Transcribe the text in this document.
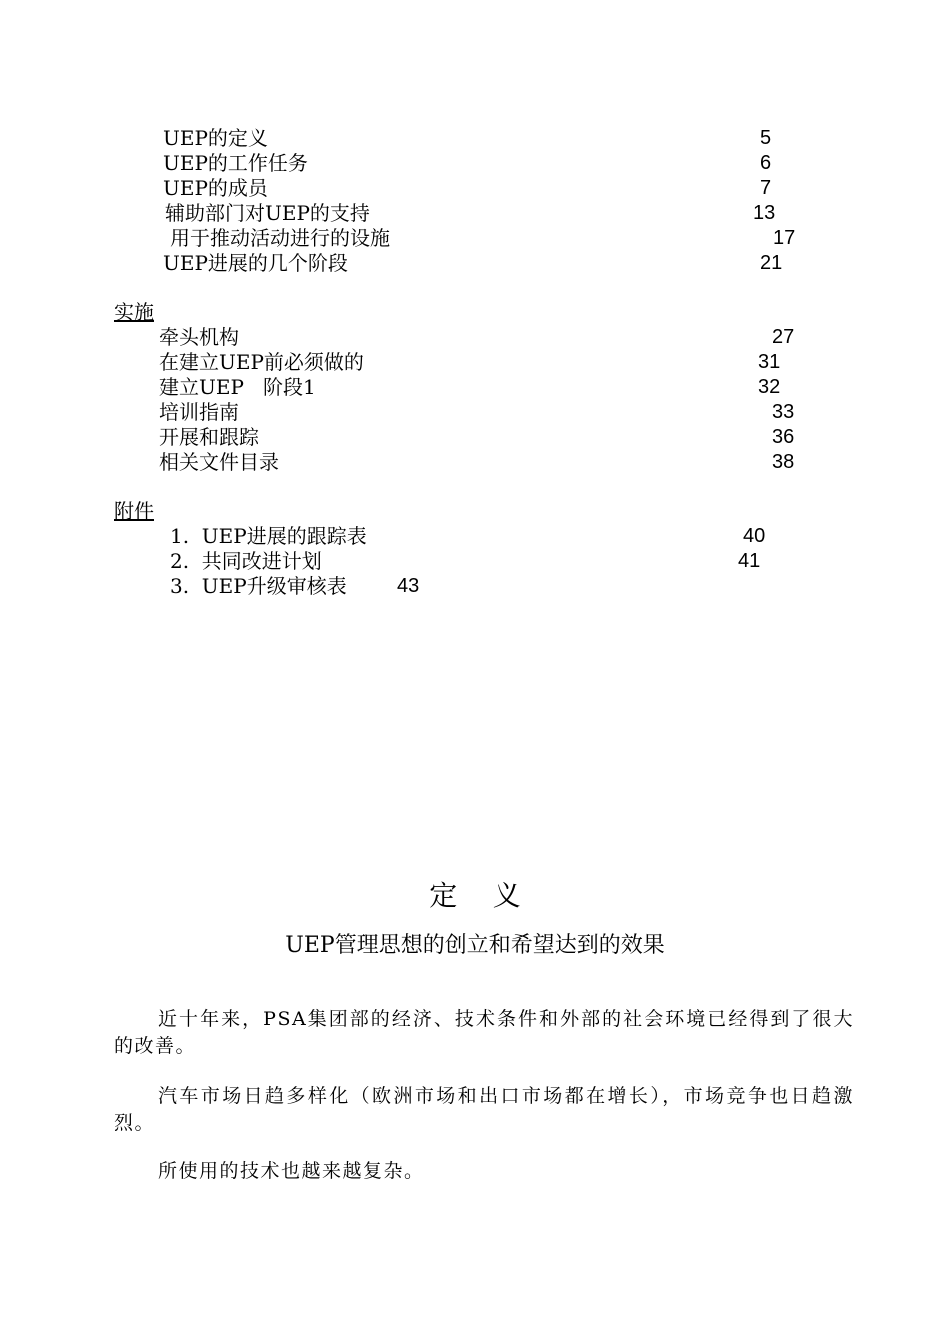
UEP的定义	5
UEP的工作任务	6
UEP的成员	7
辅助部门对UEP的支持	13
用于推动活动进行的设施	17
UEP进展的几个阶段	21
实施
牵头机构	27
在建立UEP前必须做的	31
建立UEP   阶段1	32
培训指南	33
开展和跟踪	36
相关文件目录	38
附件
1.  UEP进展的跟踪表	40
2.  共同改进计划	41
3.  UEP升级审核表	43
定    义
UEP管理思想的创立和希望达到的效果

近十年来，PSA集团部的经济、技术条件和外部的社会环境已经得到了很大的改善。

汽车市场日趋多样化（欧洲市场和出口市场都在增长），市场竞争也日趋激烈。

所使用的技术也越来越复杂。
